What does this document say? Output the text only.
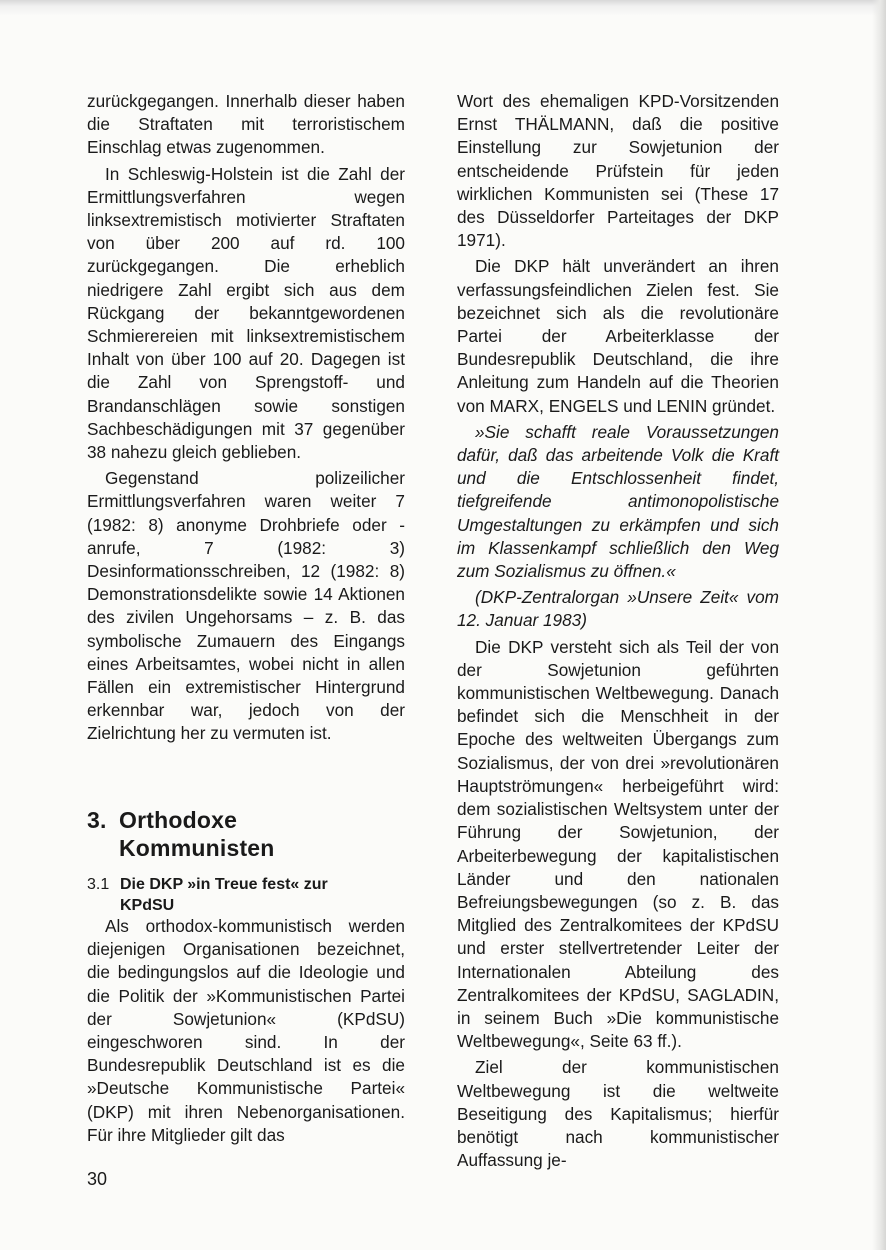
zurückgegangen. Innerhalb dieser haben die Straftaten mit terroristischem Einschlag etwas zugenommen.

In Schleswig-Holstein ist die Zahl der Ermittlungsverfahren wegen linksextremistisch motivierter Straftaten von über 200 auf rd. 100 zurückgegangen. Die erheblich niedrigere Zahl ergibt sich aus dem Rückgang der bekanntgewordenen Schmierereien mit linksextremistischem Inhalt von über 100 auf 20. Dagegen ist die Zahl von Sprengstoff- und Brandanschlägen sowie sonstigen Sachbeschädigungen mit 37 gegenüber 38 nahezu gleich geblieben.

Gegenstand polizeilicher Ermittlungsverfahren waren weiter 7 (1982: 8) anonyme Drohbriefe oder -anrufe, 7 (1982: 3) Desinformationsschreiben, 12 (1982: 8) Demonstrationsdelikte sowie 14 Aktionen des zivilen Ungehorsams – z. B. das symbolische Zumauern des Eingangs eines Arbeitsamtes, wobei nicht in allen Fällen ein extremistischer Hintergrund erkennbar war, jedoch von der Zielrichtung her zu vermuten ist.

3. Orthodoxe
Kommunisten
3.1 Die DKP »in Treue fest« zur
KPdSU

Als orthodox-kommunistisch werden diejenigen Organisationen bezeichnet, die bedingungslos auf die Ideologie und die Politik der »Kommunistischen Partei der Sowjetunion« (KPdSU) eingeschworen sind. In der Bundesrepublik Deutschland ist es die »Deutsche Kommunistische Partei« (DKP) mit ihren Nebenorganisationen. Für ihre Mitglieder gilt das

Wort des ehemaligen KPD-Vorsitzenden Ernst THÄLMANN, daß die positive Einstellung zur Sowjetunion der entscheidende Prüfstein für jeden wirklichen Kommunisten sei (These 17 des Düsseldorfer Parteitages der DKP 1971).

Die DKP hält unverändert an ihren verfassungsfeindlichen Zielen fest. Sie bezeichnet sich als die revolutionäre Partei der Arbeiterklasse der Bundesrepublik Deutschland, die ihre Anleitung zum Handeln auf die Theorien von MARX, ENGELS und LENIN gründet.

»Sie schafft reale Voraussetzungen dafür, daß das arbeitende Volk die Kraft und die Entschlossenheit findet, tiefgreifende antimonopolistische Umgestaltungen zu erkämpfen und sich im Klassenkampf schließlich den Weg zum Sozialismus zu öffnen.«

(DKP-Zentralorgan »Unsere Zeit« vom 12. Januar 1983)

Die DKP versteht sich als Teil der von der Sowjetunion geführten kommunistischen Weltbewegung. Danach befindet sich die Menschheit in der Epoche des weltweiten Übergangs zum Sozialismus, der von drei »revolutionären Hauptströmungen« herbeigeführt wird: dem sozialistischen Weltsystem unter der Führung der Sowjetunion, der Arbeiterbewegung der kapitalistischen Länder und den nationalen Befreiungsbewegungen (so z. B. das Mitglied des Zentralkomitees der KPdSU und erster stellvertretender Leiter der Internationalen Abteilung des Zentralkomitees der KPdSU, SAGLADIN, in seinem Buch »Die kommunistische Weltbewegung«, Seite 63 ff.).

Ziel der kommunistischen Weltbewegung ist die weltweite Beseitigung des Kapitalismus; hierfür benötigt nach kommunistischer Auffassung je-

30
